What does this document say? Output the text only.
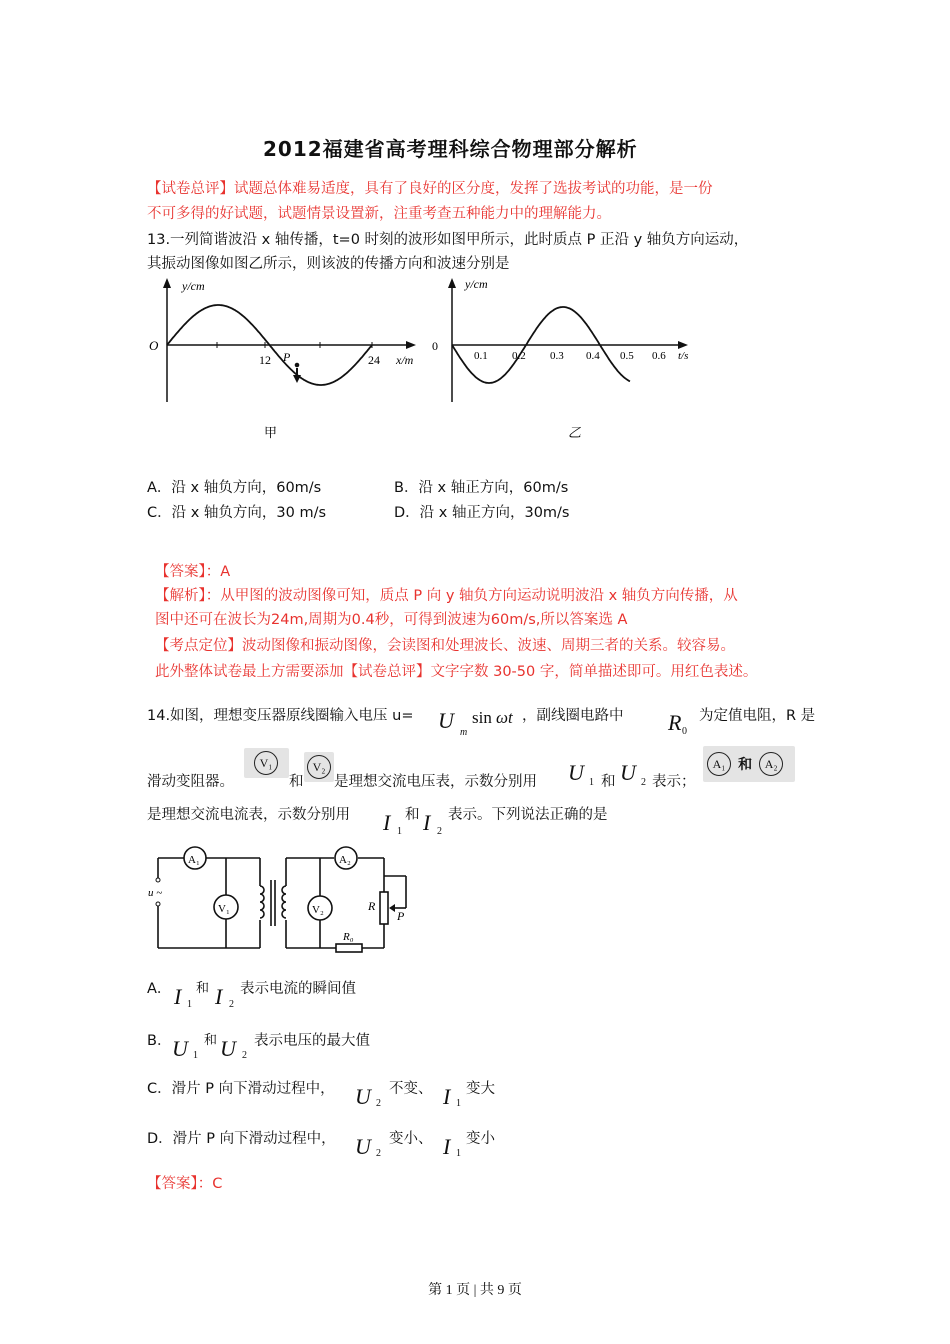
2012福建省高考理科综合物理部分解析
【试卷总评】试题总体难易适度，具有了良好的区分度，发挥了选拔考试的功能，是一份
不可多得的好试题，试题情景设置新，注重考查五种能力中的理解能力。
13.一列简谐波沿 x 轴传播，t=0 时刻的波形如图甲所示，此时质点 P 正沿 y 轴负方向运动，
其振动图像如图乙所示，则该波的传播方向和波速分别是
y/cm
O
12	24 x/m
P
甲
y/cm
0
0.1 0.2 0.3 0.4 0.5 0.6 t/s
乙
A．沿 x 轴负方向，60m/s	B．沿 x 轴正方向，60m/s
C．沿 x 轴负方向，30 m/s	D．沿 x 轴正方向，30m/s
【答案】：A
【解析】：从甲图的波动图像可知，质点 P 向 y 轴负方向运动说明波沿 x 轴负方向传播，从
图中还可在波长为24m,周期为0.4秒，可得到波速为60m/s,所以答案选 A
【考点定位】波动图像和振动图像，会读图和处理波长、波速、周期三者的关系。较容易。
此外整体试卷最上方需要添加【试卷总评】文字字数 30-50 字，简单描述即可。用红色表述。
14.如图，理想变压器原线圈输入电压 u= U m
sin ωt ，副线圈电路中 R 0
为定值电阻，R 是
滑动变阻器。
V₁
和
V₂
是理想交流电压表，示数分别用 U 1 和 U 2 表示；
A₁ 和 A₂
是理想交流电流表，示数分别用 I 1
和 I 2
表示。下列说法正确的是
A₁
V₁
A₂
V₂
u ~
R
P
R₀
A． I 1
和 I 2
表示电流的瞬间值
B． U 1
和 U 2
表示电压的最大值
C．滑片 P 向下滑动过程中， U 2
不变、 I 1
变大
D．滑片 P 向下滑动过程中， U 2
变小、 I 1
变小
【答案】：C
第 1 页 | 共 9 页
